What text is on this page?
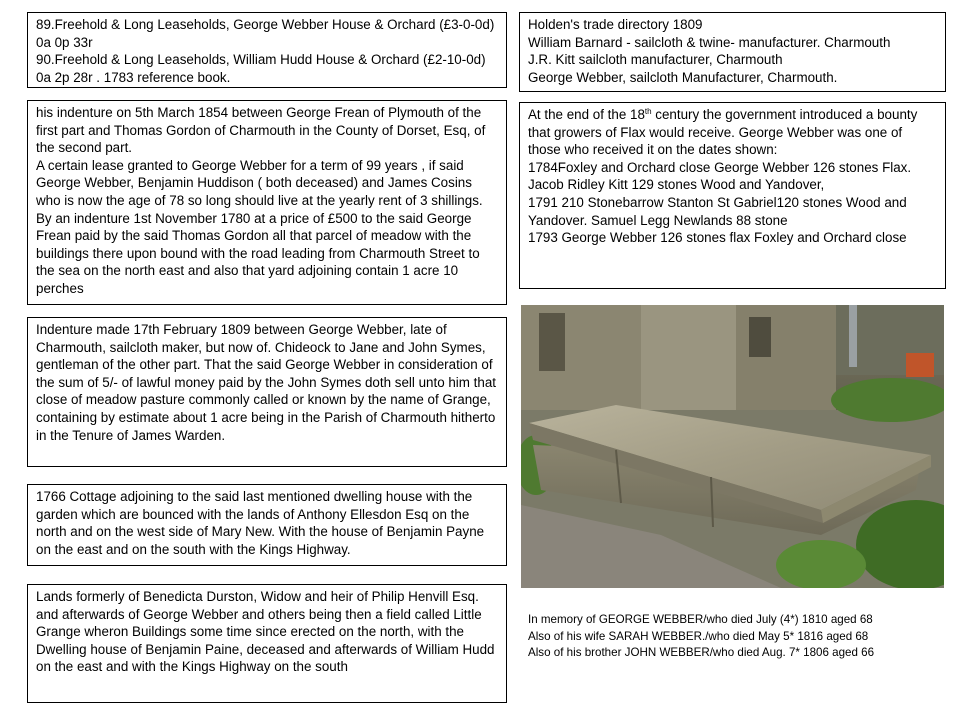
89.Freehold & Long Leaseholds, George Webber House & Orchard (£3-0-0d) 0a 0p 33r
90.Freehold & Long Leaseholds, William Hudd House & Orchard (£2-10-0d) 0a 2p 28r . 1783 reference book.
his indenture on 5th March 1854 between George Frean of Plymouth of the first part and Thomas Gordon of Charmouth in the County of Dorset, Esq, of the second part.
A certain lease granted to George Webber for a term of 99 years , if said George Webber, Benjamin Huddison ( both deceased) and James Cosins who is now the age of 78 so long should live at the yearly rent of 3 shillings. By an indenture 1st November 1780 at a price of £500 to the said George Frean paid by the said Thomas Gordon all that parcel of meadow with the buildings there upon bound with the road leading from Charmouth Street to the sea on the north east and also that yard adjoining contain 1 acre 10 perches
Indenture made 17th February 1809 between George Webber, late of Charmouth, sailcloth maker, but now of. Chideock to Jane and John Symes, gentleman of the other part. That the said George Webber in consideration of the sum of 5/- of lawful money paid by the John Symes doth sell unto him that close of meadow pasture commonly called or known by the name of Grange, containing by estimate about 1 acre being in the Parish of Charmouth hitherto in the Tenure of James Warden.
1766 Cottage adjoining to the said last mentioned dwelling house with the garden which are bounced with the lands of Anthony Ellesdon Esq on the north and on the west side of Mary New. With the house of Benjamin Payne on the east and on the south with the Kings Highway.
Lands formerly of Benedicta Durston, Widow and heir of Philip Henvill Esq. and afterwards of George Webber and others being then a field called Little Grange wheron Buildings some time since erected on the north, with the Dwelling house of Benjamin Paine, deceased and afterwards of William Hudd on the east and with the Kings Highway on the south
Holden's trade directory 1809
William Barnard - sailcloth & twine- manufacturer. Charmouth
J.R. Kitt sailcloth manufacturer, Charmouth
George Webber, sailcloth Manufacturer, Charmouth.
At the end of the 18th century the government introduced a bounty that growers of Flax would receive. George Webber was one of those who received it on the dates shown:
1784Foxley and Orchard close George Webber 126 stones Flax.
Jacob Ridley Kitt 129 stones Wood and Yandover,
1791 210 Stonebarrow Stanton St Gabriel120 stones Wood and Yandover. Samuel Legg Newlands 88 stone
1793 George Webber 126 stones flax Foxley and Orchard close
In memory of GEORGE WEBBER/who died July (4*) 1810 aged 68
Also of his wife SARAH WEBBER./who died May 5* 1816 aged 68
Also of his brother JOHN WEBBER/who died Aug. 7* 1806 aged 66
